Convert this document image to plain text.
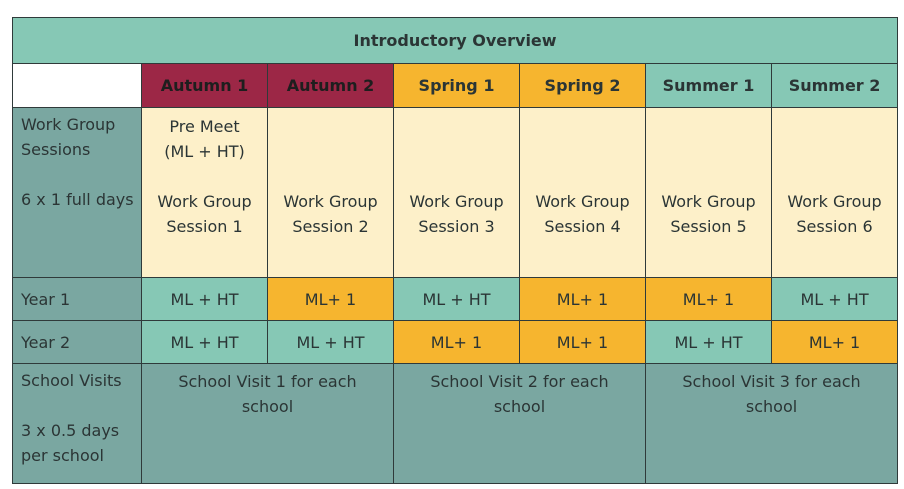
Introductory Overview						
	Autumn 1	Autumn 2	Spring 1	Spring 2	Summer 1	Summer 2

Work Group
Sessions
6 x 1 full days	Pre Meet
(ML + HT)
Work Group
Session 1	Work Group
Session 2	Work Group
Session 3	Work Group
Session 4	Work Group
Session 5	Work Group
Session 6

Year 1	ML + HT	ML+ 1	ML + HT	ML+ 1	ML+ 1	ML + HT
Year 2	ML + HT	ML + HT	ML+ 1	ML+ 1	ML + HT	ML+ 1

School Visits
3 x 0.5 days
per school	School Visit 1 for each
school		School Visit 2 for each
school		School Visit 3 for each
school	
